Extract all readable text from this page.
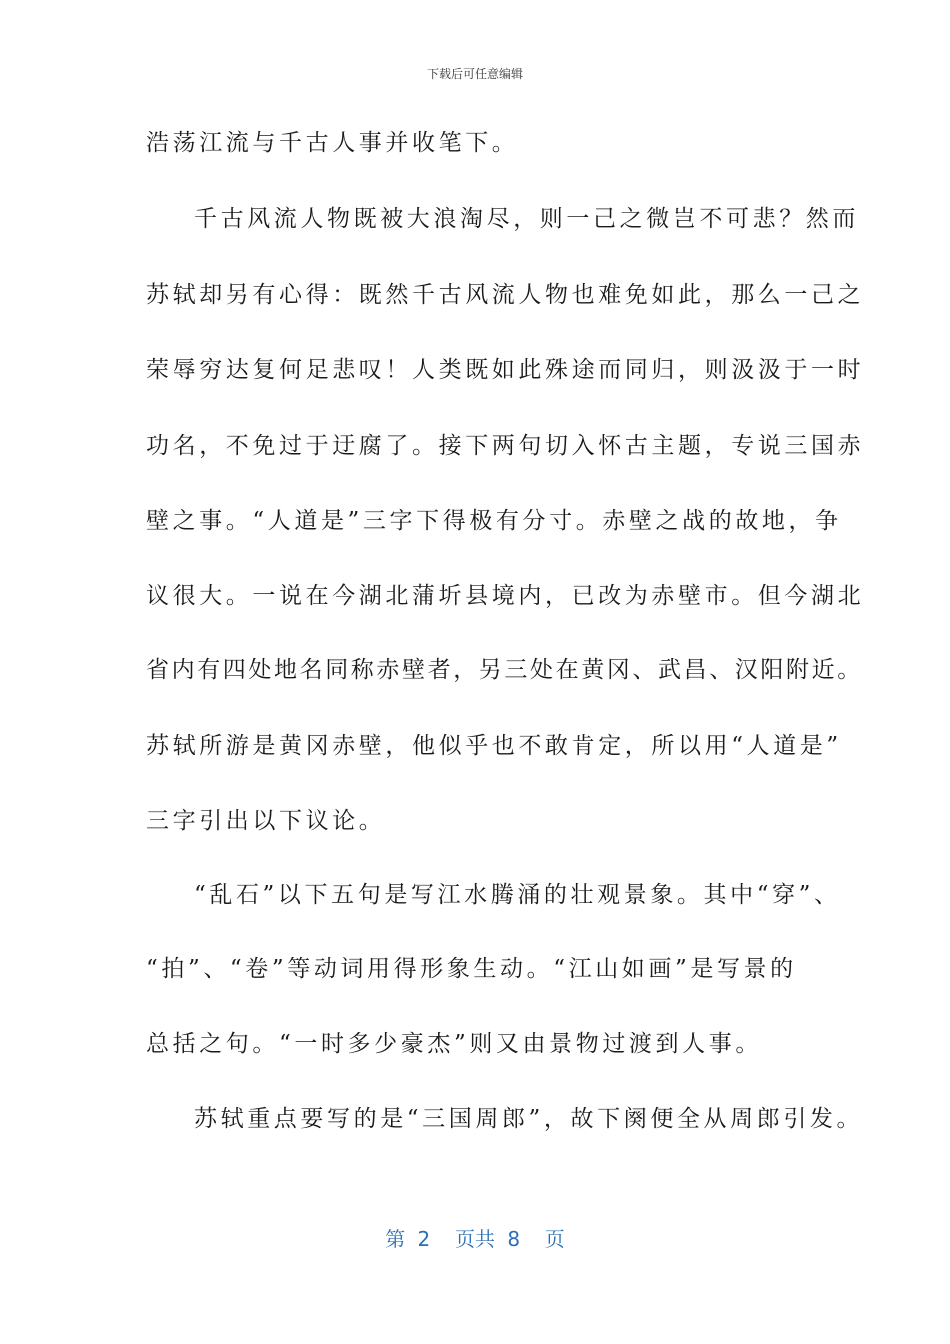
下载后可任意编辑
浩荡江流与千古人事并收笔下。
千古风流人物既被大浪淘尽，则一己之微岂不可悲？然而
苏轼却另有心得：既然千古风流人物也难免如此，那么一己之
荣辱穷达复何足悲叹！人类既如此殊途而同归，则汲汲于一时
功名，不免过于迂腐了。接下两句切入怀古主题，专说三国赤
壁之事。“人道是”三字下得极有分寸。赤壁之战的故地，争
议很大。一说在今湖北蒲圻县境内，已改为赤壁市。但今湖北
省内有四处地名同称赤壁者，另三处在黄冈、武昌、汉阳附近。
苏轼所游是黄冈赤壁，他似乎也不敢肯定，所以用“人道是”
三字引出以下议论。
“乱石”以下五句是写江水腾涌的壮观景象。其中“穿”、
“拍”、“卷”等动词用得形象生动。“江山如画”是写景的
总括之句。“一时多少豪杰”则又由景物过渡到人事。
苏轼重点要写的是“三国周郎”，故下阕便全从周郎引发。
第 2  页共 8  页
